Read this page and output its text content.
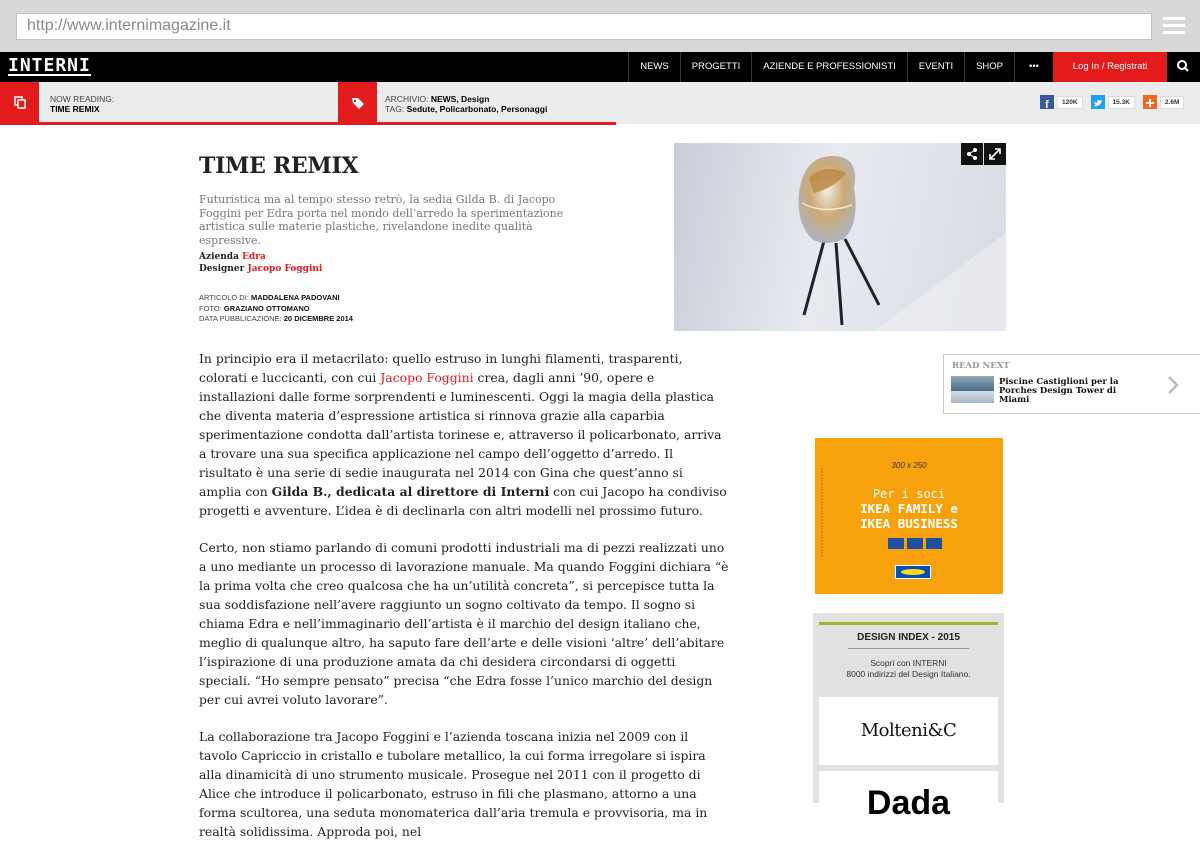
http://www.internimagazine.it
INTERNI	NEWS	PROGETTI	AZIENDE E PROFESSIONISTI	EVENTI	SHOP	•••	Log In / Registrati
NOW READING:
TIME REMIX
ARCHIVIO: NEWS, Design
TAG: Sedute, Policarbonato, Personaggi	f	120K	15.3K	2.6M
TIME REMIX

Futuristica ma al tempo stesso retrò, la sedia Gilda B. di Jacopo Foggini per Edra porta nel mondo dell’arredo la sperimentazione artistica sulle materie plastiche, rivelandone inedite qualità espressive.

Azienda Edra
Designer Jacopo Foggini
ARTICOLO DI: MADDALENA PADOVANI
FOTO: GRAZIANO OTTOMANO
DATA PUBBLICAZIONE: 20 DICEMBRE 2014

In principio era il metacrilato: quello estruso in lunghi filamenti, trasparenti, colorati e luccicanti, con cui Jacopo Foggini crea, dagli anni ’90, opere e installazioni dalle forme sorprendenti e luminescenti. Oggi la magia della plastica che diventa materia d’espressione artistica si rinnova grazie alla caparbia sperimentazione condotta dall’artista torinese e, attraverso il policarbonato, arriva a trovare una sua specifica applicazione nel campo dell’oggetto d’arredo. Il risultato è una serie di sedie inaugurata nel 2014 con Gina che quest’anno si amplia con Gilda B., dedicata al direttore di Interni con cui Jacopo ha condiviso progetti e avventure. L’idea è di declinarla con altri modelli nel prossimo futuro.

Certo, non stiamo parlando di comuni prodotti industriali ma di pezzi realizzati uno a uno mediante un processo di lavorazione manuale. Ma quando Foggini dichiara “è la prima volta che creo qualcosa che ha un’utilità concreta”, si percepisce tutta la sua soddisfazione nell’avere raggiunto un sogno coltivato da tempo. Il sogno si chiama Edra e nell’immaginario dell’artista è il marchio del design italiano che, meglio di qualunque altro, ha saputo fare dell’arte e delle visioni ‘altre’ dell’abitare l’ispirazione di una produzione amata da chi desidera circondarsi di oggetti speciali. “Ho sempre pensato” precisa “che Edra fosse l’unico marchio del design per cui avrei voluto lavorare”.

La collaborazione tra Jacopo Foggini e l’azienda toscana inizia nel 2009 con il tavolo Capriccio in cristallo e tubolare metallico, la cui forma irregolare si ispira alla dinamicità di uno strumento musicale. Prosegue nel 2011 con il progetto di Alice che introduce il policarbonato, estruso in fili che plasmano, attorno a una forma scultorea, una seduta monomaterica dall’aria tremula e provvisoria, ma in realtà solidissima. Approda poi, nel

READ NEXT
Piscine Castiglioni per la Porches Design Tower di Miami
300 x 250
Per i soci
IKEA FAMILY e
IKEA BUSINESS
DESIGN INDEX - 2015
Scopri con INTERNI
8000 indirizzi del Design Italiano.
Molteni&C
Dada
